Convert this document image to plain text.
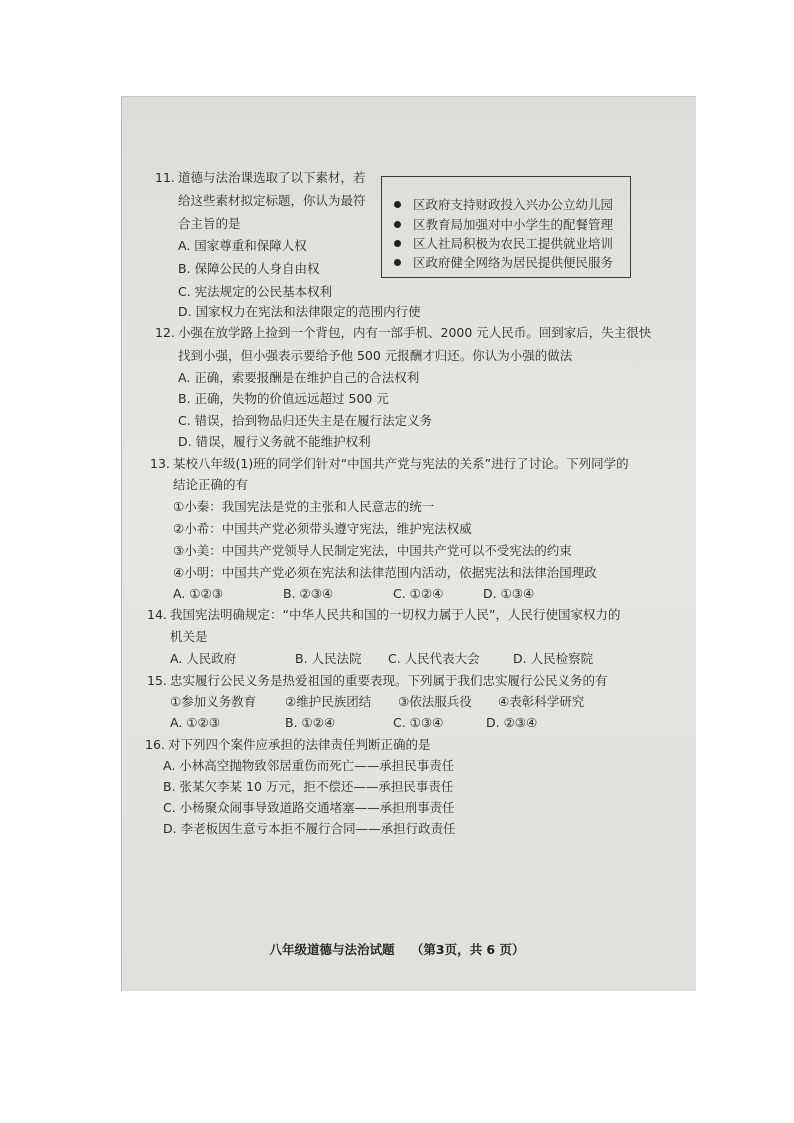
11. 道德与法治课选取了以下素材，若
给这些素材拟定标题，你认为最符
合主旨的是
A. 国家尊重和保障人权
B. 保障公民的人身自由权
C. 宪法规定的公民基本权利
D. 国家权力在宪法和法律限定的范围内行使
区政府支持财政投入兴办公立幼儿园
区教育局加强对中小学生的配餐管理
区人社局积极为农民工提供就业培训
区政府健全网络为居民提供便民服务
12. 小强在放学路上捡到一个背包，内有一部手机、2000 元人民币。回到家后，失主很快
找到小强，但小强表示要给予他 500 元报酬才归还。你认为小强的做法
A. 正确，索要报酬是在维护自己的合法权利
B. 正确，失物的价值远远超过 500 元
C. 错误，拾到物品归还失主是在履行法定义务
D. 错误，履行义务就不能维护权利
13. 某校八年级(1)班的同学们针对“中国共产党与宪法的关系”进行了讨论。下列同学的
结论正确的有
①小秦：我国宪法是党的主张和人民意志的统一
②小希：中国共产党必须带头遵守宪法，维护宪法权威
③小美：中国共产党领导人民制定宪法，中国共产党可以不受宪法的约束
④小明：中国共产党必须在宪法和法律范围内活动，依据宪法和法律治国理政
A. ①②③	B. ②③④	C. ①②④	D. ①③④
14. 我国宪法明确规定：“中华人民共和国的一切权力属于人民”，人民行使国家权力的
机关是
A. 人民政府	B. 人民法院 C. 人民代表大会	D. 人民检察院
15. 忠实履行公民义务是热爱祖国的重要表现。下列属于我们忠实履行公民义务的有
①参加义务教育 ②维护民族团结 ③依法服兵役 ④表彰科学研究
A. ①②③	B. ①②④	C. ①③④	D. ②③④
16. 对下列四个案件应承担的法律责任判断正确的是
A. 小林高空抛物致邻居重伤而死亡——承担民事责任
B. 张某欠李某 10 万元，拒不偿还——承担民事责任
C. 小杨聚众闹事导致道路交通堵塞——承担刑事责任
D. 李老板因生意亏本拒不履行合同——承担行政责任
八年级道德与法治试题 （第3页，共 6 页）
